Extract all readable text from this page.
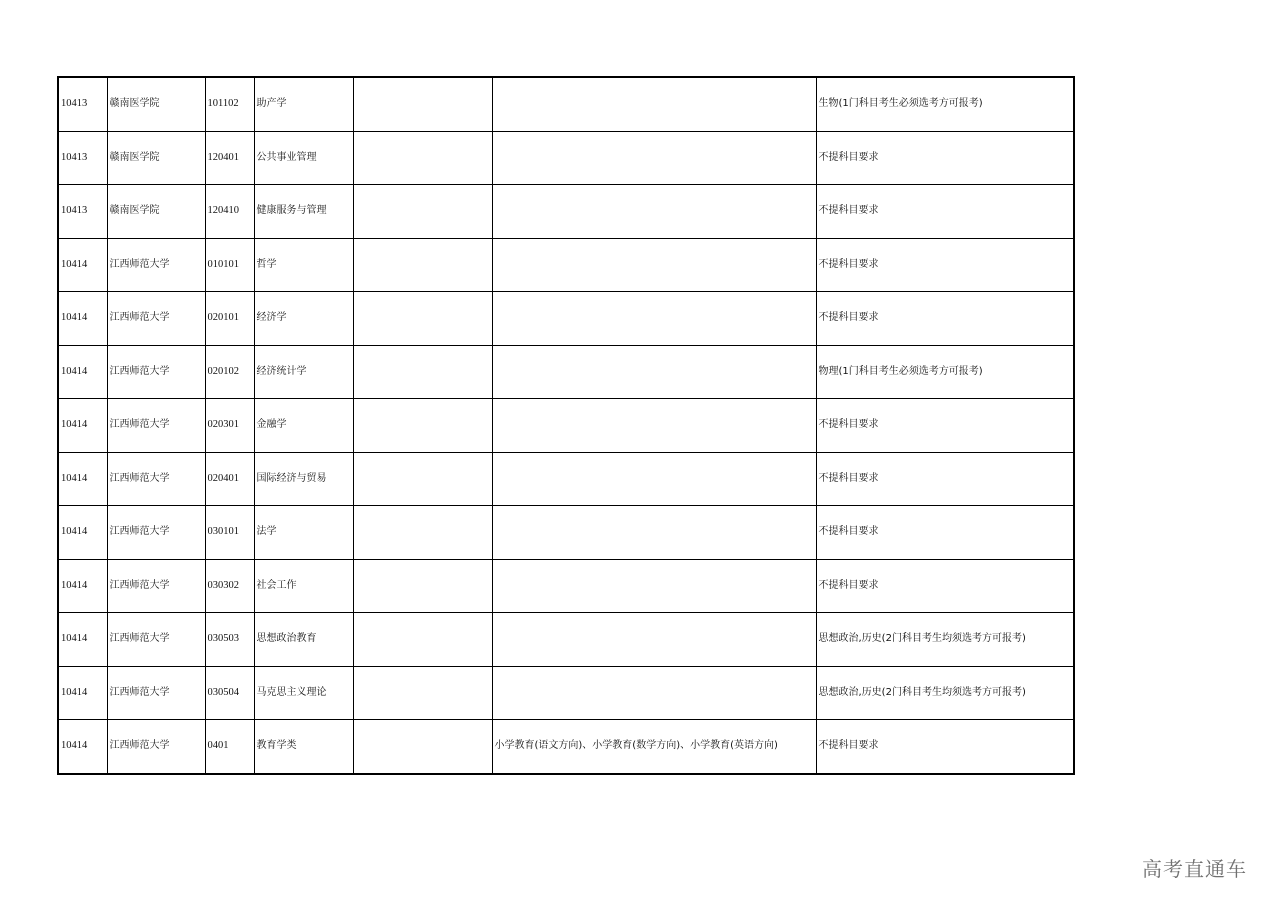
10413	赣南医学院	101102	助产学			生物(1门科目考生必须选考方可报考)
10413	赣南医学院	120401	公共事业管理			不提科目要求
10413	赣南医学院	120410	健康服务与管理			不提科目要求
10414	江西师范大学	010101	哲学			不提科目要求
10414	江西师范大学	020101	经济学			不提科目要求
10414	江西师范大学	020102	经济统计学			物理(1门科目考生必须选考方可报考)
10414	江西师范大学	020301	金融学			不提科目要求
10414	江西师范大学	020401	国际经济与贸易			不提科目要求
10414	江西师范大学	030101	法学			不提科目要求
10414	江西师范大学	030302	社会工作			不提科目要求
10414	江西师范大学	030503	思想政治教育			思想政治,历史(2门科目考生均须选考方可报考)
10414	江西师范大学	030504	马克思主义理论			思想政治,历史(2门科目考生均须选考方可报考)
10414	江西师范大学	0401	教育学类		小学教育(语文方向)、小学教育(数学方向)、小学教育(英语方向)	不提科目要求
高考直通车
